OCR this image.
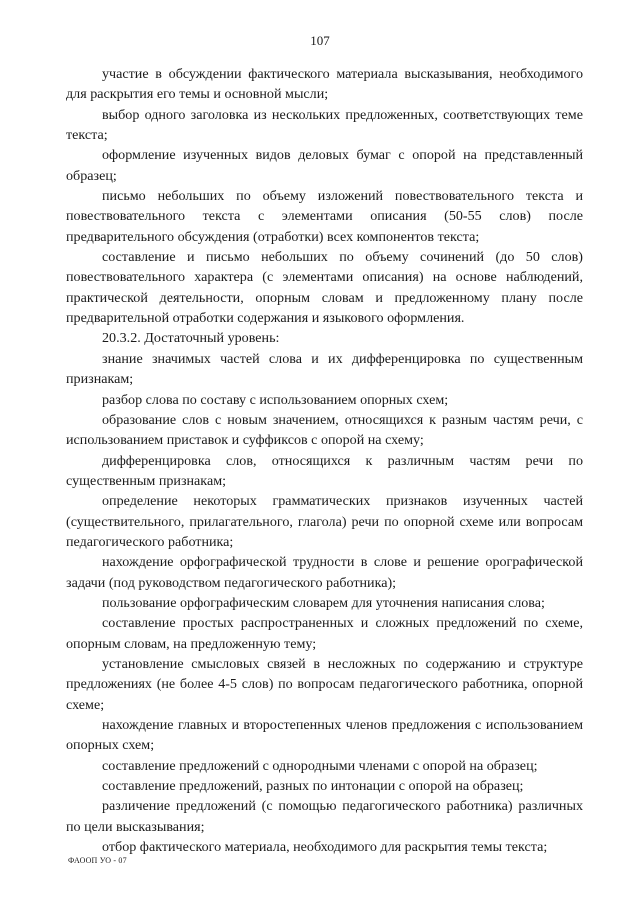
107

участие в обсуждении фактического материала высказывания, необходимого для раскрытия его темы и основной мысли;

выбор одного заголовка из нескольких предложенных, соответствующих теме текста;

оформление изученных видов деловых бумаг с опорой на представленный образец;

письмо небольших по объему изложений повествовательного текста и повествовательного текста с элементами описания (50-55 слов) после предварительного обсуждения (отработки) всех компонентов текста;

составление и письмо небольших по объему сочинений (до 50 слов) повествовательного характера (с элементами описания) на основе наблюдений, практической деятельности, опорным словам и предложенному плану после предварительной отработки содержания и языкового оформления.

20.3.2. Достаточный уровень:

знание значимых частей слова и их дифференцировка по существенным признакам;

разбор слова по составу с использованием опорных схем;

образование слов с новым значением, относящихся к разным частям речи, с использованием приставок и суффиксов с опорой на схему;

дифференцировка слов, относящихся к различным частям речи по существенным признакам;

определение некоторых грамматических признаков изученных частей (существительного, прилагательного, глагола) речи по опорной схеме или вопросам педагогического работника;

нахождение орфографической трудности в слове и решение орографической задачи (под руководством педагогического работника);

пользование орфографическим словарем для уточнения написания слова;

составление простых распространенных и сложных предложений по схеме, опорным словам, на предложенную тему;

установление смысловых связей в несложных по содержанию и структуре предложениях (не более 4-5 слов) по вопросам педагогического работника, опорной схеме;

нахождение главных и второстепенных членов предложения с использованием опорных схем;

составление предложений с однородными членами с опорой на образец;

составление предложений, разных по интонации с опорой на образец;

различение предложений (с помощью педагогического работника) различных по цели высказывания;

отбор фактического материала, необходимого для раскрытия темы текста;

ФАООП УО - 07
